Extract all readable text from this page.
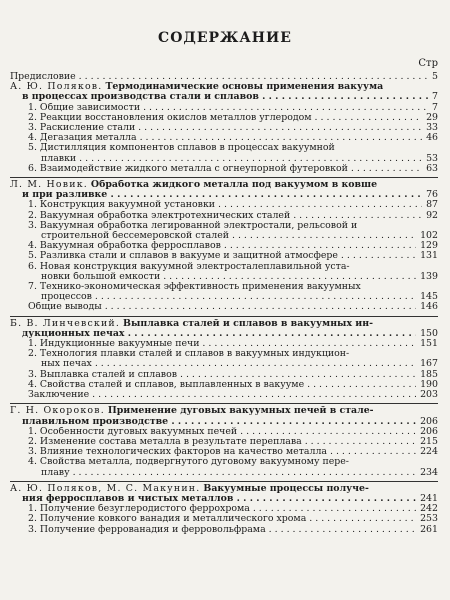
СОДЕРЖАНИЕ
Стр
Предисловие . . .	5
А. Ю. Поляков. Термодинамические основы применения вакуума
в процессах производства стали и сплавов . . .	7
1. Общие зависимости . . .	7
2. Реакции восстановления окислов металлов углеродом . . .	29
3. Раскисление стали . . .	33
4. Дегазация металла . . .	46
5. Дистилляция компонентов сплавов в процессах вакуумной
плавки . . .	53
6. Взаимодействие жидкого металла с огнеупорной футеровкой . . .	63
Л. М. Новик. Обработка жидкого металла под вакуумом в ковше
и при разливке . . .	76
1. Конструкция вакуумной установки . . .	87
2. Вакуумная обработка электротехнических сталей . . .	92
3. Вакуумная обработка легированной электростали, рельсовой и
строительной бессемеровской сталей . . .	102
4. Вакуумная обработка ферросплавов . . .	129
5. Разливка стали и сплавов в вакууме и защитной атмосфере . . .	131
6. Новая конструкция вакуумной электросталеплавильной уста-
новки большой емкости . . .	139
7. Технико-экономическая эффективность применения вакуумных
процессов . . .	145
Общие выводы . . .	146
Б. В. Линчевский. Выплавка сталей и сплавов в вакуумных ин-
дукционных печах . . .	150
1. Индукционные вакуумные печи . . .	151
2. Технология плавки сталей и сплавов в вакуумных индукцион-
ных печах . . .	167
3. Выплавка сталей и сплавов . . .	185
4. Свойства сталей и сплавов, выплавленных в вакууме . . .	190
Заключение . . .	203
Г. Н. Окороков. Применение дуговых вакуумных печей в стале-
плавильном производстве . . .	206
1. Особенности дуговых вакуумных печей . . .	206
2. Изменение состава металла в результате переплава . . .	215
3. Влияние технологических факторов на качество металла . . .	224
4. Свойства металла, подвергнутого дуговому вакуумному пере-
плаву . . .	234
А. Ю. Поляков, М. С. Макунин. Вакуумные процессы получе-
ния ферросплавов и чистых металлов . . .	241
1. Получение безуглеродистого феррохрома . . .	242
2. Получение ковкого ванадия и металлического хрома . . .	253
3. Получение феррованадия и ферровольфрама . . .	261
